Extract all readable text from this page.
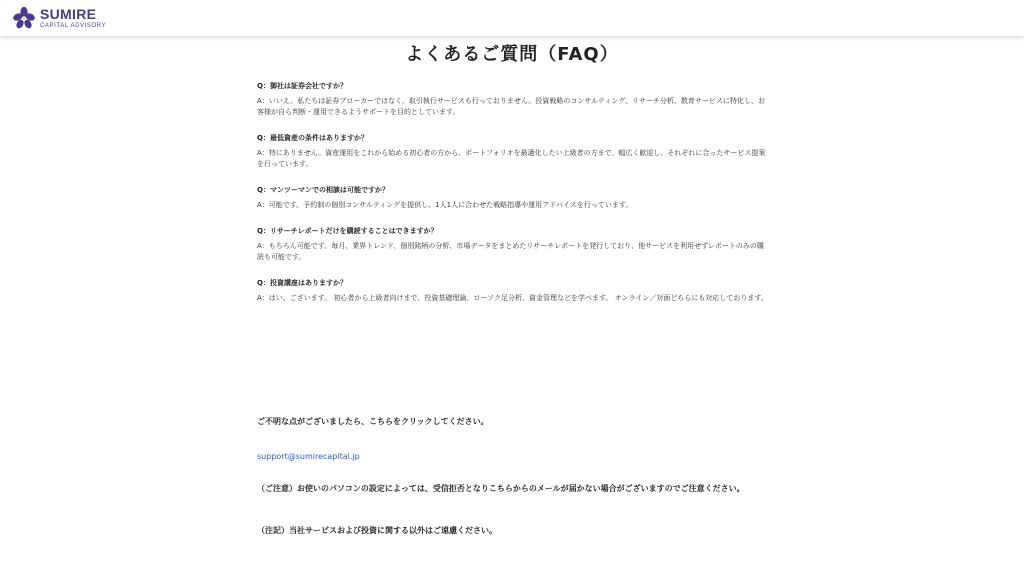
SUMIRE
CAPITAL ADVISORY
よくあるご質問（FAQ）

Q：御社は証券会社ですか？

A：いいえ。私たちは証券ブローカーではなく、取引執行サービスも行っておりません。投資戦略のコンサルティング、リサーチ分析、教育サービスに特化し、お客様が自ら判断・運用できるようサポートを目的としています。

Q：最低資産の条件はありますか？

A：特にありません。資産運用をこれから始める初心者の方から、ポートフォリオを最適化したい上級者の方まで、幅広く歓迎し、それぞれに合ったサービス提案を行っています。

Q：マンツーマンでの相談は可能ですか？

A：可能です。予約制の個別コンサルティングを提供し、1人1人に合わせた戦略指導や運用アドバイスを行っています。

Q：リサーチレポートだけを購読することはできますか？

A：もちろん可能です。毎月、業界トレンド、個別銘柄の分析、市場データをまとめたリサーチレポートを発行しており、他サービスを利用せずレポートのみの購読も可能です。

Q：投資講座はありますか？

A：はい、ございます。 初心者から上級者向けまで、投資基礎理論、ローソク足分析、資金管理などを学べます。 オンライン／対面どちらにも対応しております。

ご不明な点がございましたら、こちらをクリックしてください。

support@sumirecapital.jp

（ご注意）お使いのパソコンの設定によっては、受信拒否となりこちらからのメールが届かない場合がございますのでご注意ください。

（注記）当社サービスおよび投資に関する以外はご遠慮ください。
